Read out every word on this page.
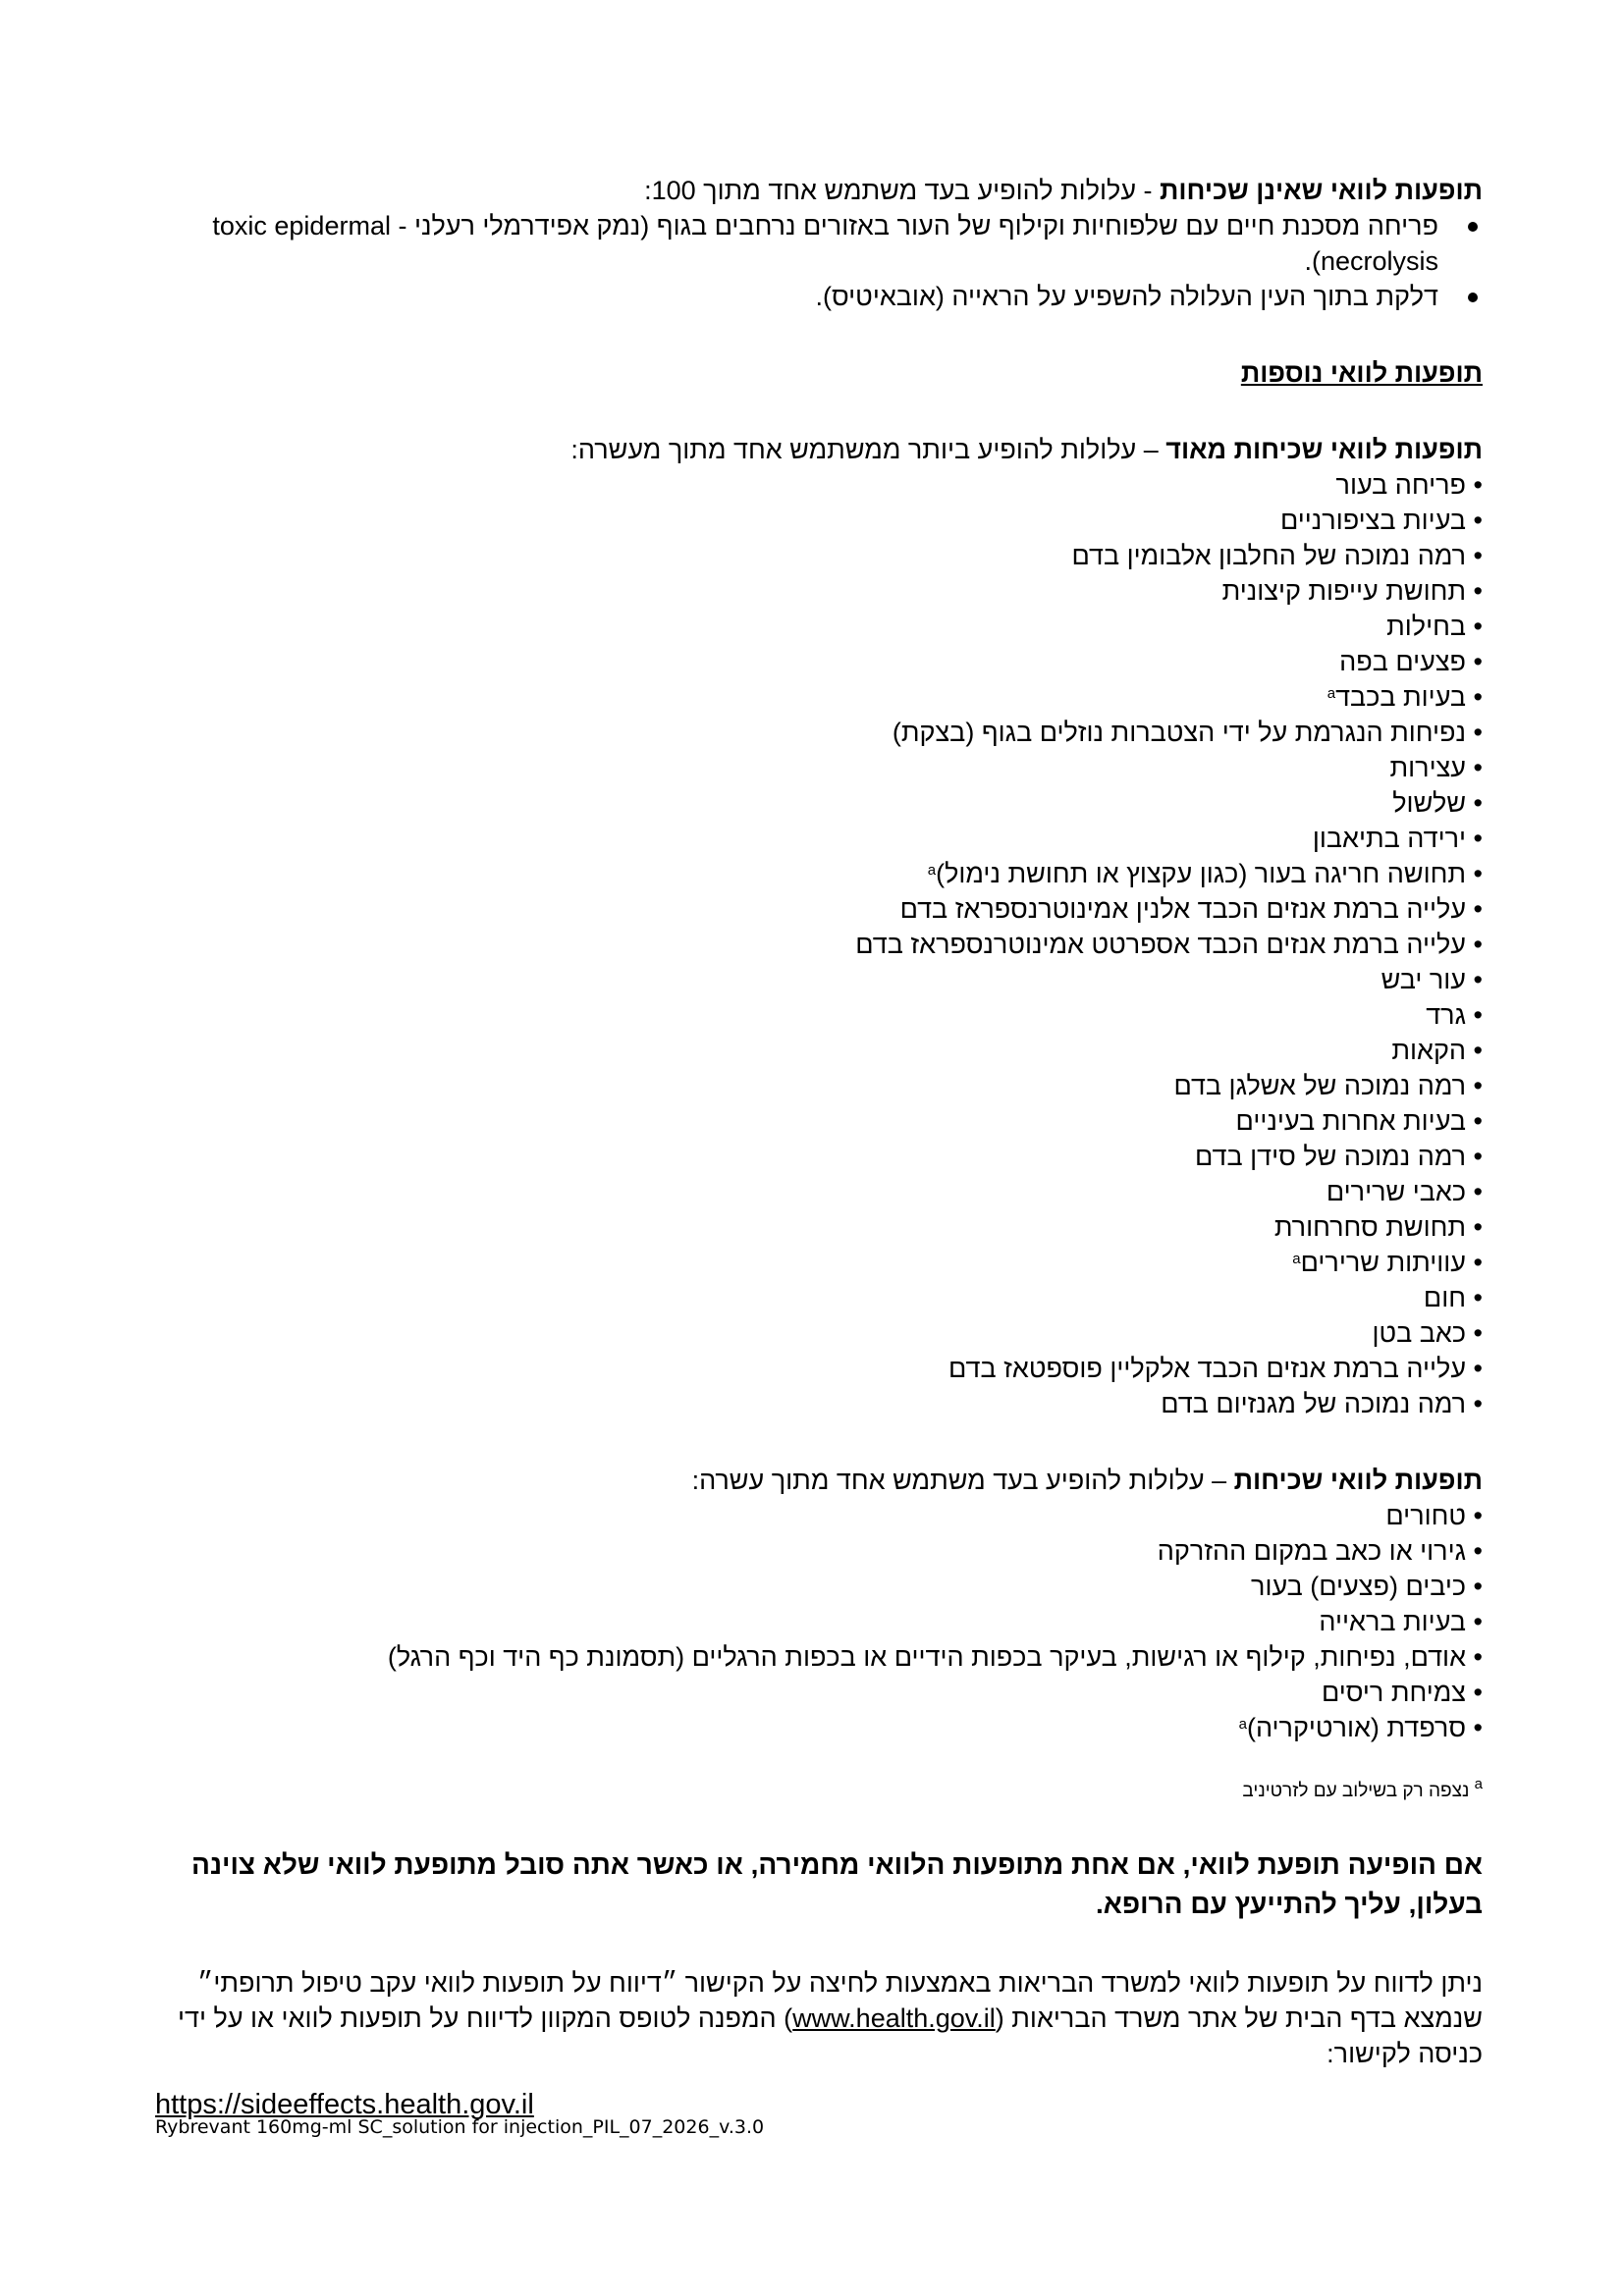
תופעות לוואי שאינן שכיחות - עלולות להופיע בעד משתמש אחד מתוך 100:

פריחה מסכנת חיים עם שלפוחיות וקילוף של העור באזורים נרחבים בגוף (נמק אפידרמלי רעלני - toxic epidermal necrolysis).
דלקת בתוך העין העלולה להשפיע על הראייה (אובאיטיס).

תופעות לוואי נוספות

תופעות לוואי שכיחות מאוד – עלולות להופיע ביותר ממשתמש אחד מתוך מעשרה:

• פריחה בעור
• בעיות בציפורניים
• רמה נמוכה של החלבון אלבומין בדם
• תחושת עייפות קיצונית
• בחילות
• פצעים בפה
• בעיות בכבד$^a$
• נפיחות הנגרמת על ידי הצטברות נוזלים בגוף (בצקת)
• עצירות
• שלשול
• ירידה בתיאבון
• תחושה חריגה בעור (כגון עקצוץ או תחושת נימול)$^a$
• עלייה ברמת אנזים הכבד אלנין אמינוטרנספראז בדם
• עלייה ברמת אנזים הכבד אספרטט אמינוטרנספראז בדם
• עור יבש
• גרד
• הקאות
• רמה נמוכה של אשלגן בדם
• בעיות אחרות בעיניים
• רמה נמוכה של סידן בדם
• כאבי שרירים
• תחושת סחרחורת
• עוויתות שרירים$^a$
• חום
• כאב בטן
• עלייה ברמת אנזים הכבד אלקליין פוספטאז בדם
• רמה נמוכה של מגנזיום בדם

תופעות לוואי שכיחות – עלולות להופיע בעד משתמש אחד מתוך עשרה:

• טחורים
• גירוי או כאב במקום ההזרקה
• כיבים (פצעים) בעור
• בעיות בראייה
• אודם, נפיחות, קילוף או רגישות, בעיקר בכפות הידיים או בכפות הרגליים (תסמונת כף היד וכף הרגל)
• צמיחת ריסים
• סרפדת (אורטיקריה)$^a$

$^a$ נצפה רק בשילוב עם לזרטיניב

אם הופיעה תופעת לוואי, אם אחת מתופעות הלוואי מחמירה, או כאשר אתה סובל מתופעת לוואי שלא צוינה בעלון, עליך להתייעץ עם הרופא.

ניתן לדווח על תופעות לוואי למשרד הבריאות באמצעות לחיצה על הקישור ״דיווח על תופעות לוואי עקב טיפול תרופתי״ שנמצא בדף הבית של אתר משרד הבריאות (www.health.gov.il) המפנה לטופס המקוון לדיווח על תופעות לוואי או על ידי כניסה לקישור:

https://sideeffects.health.gov.il

Rybrevant 160mg-ml SC_solution for injection_PIL_07_2026_v.3.0
